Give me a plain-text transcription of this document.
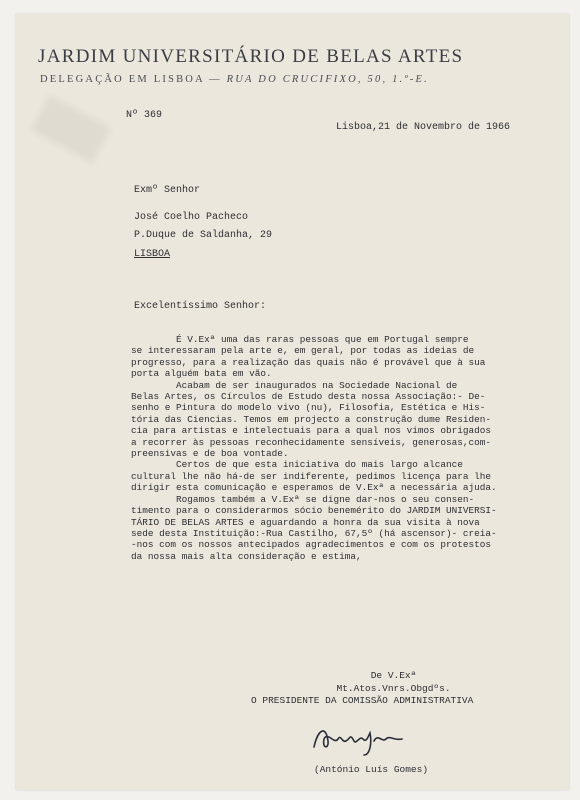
JARDIM UNIVERSITÁRIO DE BELAS ARTES
DELEGAÇÃO EM LISBOA — RUA DO CRUCIFIXO, 50, 1.º-E.
Nº 369
Lisboa,21 de Novembro de 1966
Exmº Senhor
José Coelho Pacheco
P.Duque de Saldanha, 29
LISBOA
Excelentíssimo Senhor:
É V.Exª uma das raras pessoas que em Portugal sempre
se interessaram pela arte e, em geral, por todas as ideias de
progresso, para a realização das quais não é provável que à sua
porta alguém bata em vão.
Acabam de ser inaugurados na Sociedade Nacional de
Belas Artes, os Círculos de Estudo desta nossa Associação:- De-
senho e Pintura do modelo vivo (nu), Filosofia, Estética e His-
tória das Ciencias. Temos em projecto a construção dume Residen-
cia para artistas e intelectuais para a qual nos vimos obrigados
a recorrer às pessoas reconhecidamente sensíveis, generosas,com-
preensivas e de boa vontade.
Certos de que esta iniciativa do mais largo alcance
cultural lhe não há-de ser indiferente, pedimos licença para lhe
dirigir esta comunicação e esperamos de V.Exª a necessária ajuda.
Rogamos também a V.Exª se digne dar-nos o seu consen-
timento para o considerarmos sócio benemérito do JARDIM UNIVERSI-
TÁRIO DE BELAS ARTES e aguardando a honra da sua visita à nova
sede desta Instituição:-Rua Castilho, 67,5º (há ascensor)- creia-
-nos com os nossos antecipados agradecimentos e com os protestos
da nossa mais alta consideração e estima,
De V.Exª
Mt.Atos.Vnrs.Obgdºs.
O PRESIDENTE DA COMISSÃO ADMINISTRATIVA
(António Luís Gomes)
